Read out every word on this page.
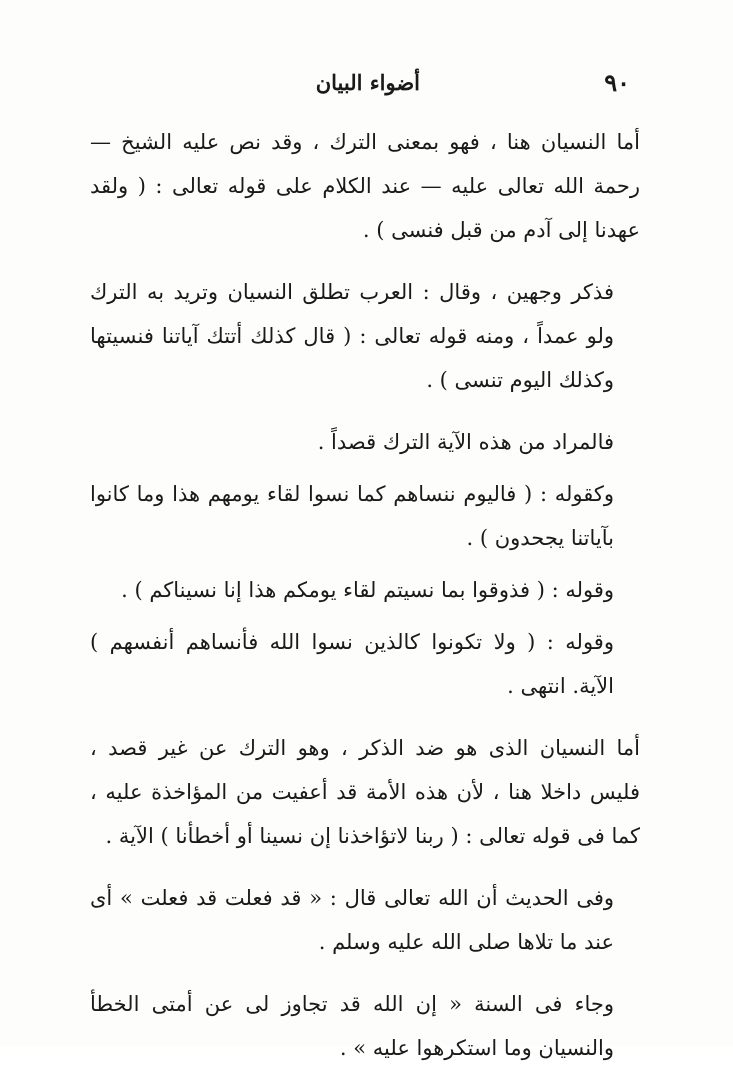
٩٠
أضواء البيان

أما النسيان هنا ، فهو بمعنى الترك ، وقد نص عليه الشيخ — رحمة الله تعالى عليه — عند الكلام على قوله تعالى : ( ولقد عهدنا إلى آدم من قبل فنسى ) .

فذكر وجهين ، وقال : العرب تطلق النسيان وتريد به الترك ولو عمداً ، ومنه قوله تعالى : ( قال كذلك أتتك آياتنا فنسيتها وكذلك اليوم تنسى ) .

فالمراد من هذه الآية الترك قصداً .

وكقوله : ( فاليوم ننساهم كما نسوا لقاء يومهم هذا وما كانوا بآياتنا يجحدون ) .

وقوله : ( فذوقوا بما نسيتم لقاء يومكم هذا إنا نسيناكم ) .

وقوله : ( ولا تكونوا كالذين نسوا الله فأنساهم أنفسهم ) الآية. انتهى .

أما النسيان الذى هو ضد الذكر ، وهو الترك عن غير قصد ، فليس داخلا هنا ، لأن هذه الأمة قد أعفيت من المؤاخذة عليه ، كما فى قوله تعالى : ( ربنا لاتؤاخذنا إن نسينا أو أخطأنا ) الآية .

وفى الحديث أن الله تعالى قال : « قد فعلت قد فعلت » أى عند ما تلاها صلى الله عليه وسلم .

وجاء فى السنة « إن الله قد تجاوز لى عن أمتى الخطأ والنسيان وما استكرهوا عليه » .
